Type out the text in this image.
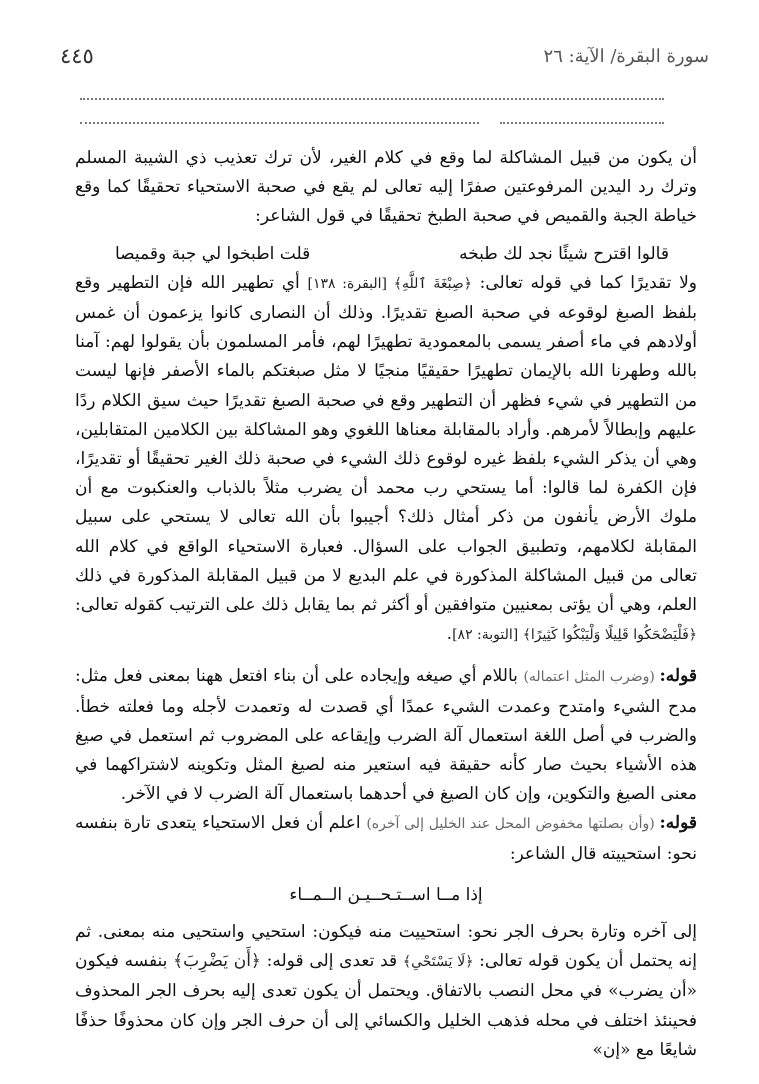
سورة البقرة/ الآية: ٢٦
٤٤٥

أن يكون من قبيل المشاكلة لما وقع في كلام الغير، لأن ترك تعذيب ذي الشيبة المسلم وترك رد اليدين المرفوعتين صفرًا إليه تعالى لم يقع في صحبة الاستحياء تحقيقًا كما وقع خياطة الجبة والقميص في صحبة الطبخ تحقيقًا في قول الشاعر:

قالوا اقترح شيئًا نجد لك طبخه
قلت اطبخوا لي جبة وقميصا

ولا تقديرًا كما في قوله تعالى: ﴿صِبْغَةَ ٱللَّهِ﴾ [البقرة: ١٣٨] أي تطهير الله فإن التطهير وقع بلفظ الصبغ لوقوعه في صحبة الصبغ تقديرًا. وذلك أن النصارى كانوا يزعمون أن غمس أولادهم في ماء أصفر يسمى بالمعمودية تطهيرًا لهم، فأمر المسلمون بأن يقولوا لهم: آمنا بالله وطهرنا الله بالإيمان تطهيرًا حقيقيًا منجيًا لا مثل صبغتكم بالماء الأصفر فإنها ليست من التطهير في شيء فظهر أن التطهير وقع في صحبة الصبغ تقديرًا حيث سيق الكلام ردًا عليهم وإبطالاً لأمرهم. وأراد بالمقابلة معناها اللغوي وهو المشاكلة بين الكلامين المتقابلين، وهي أن يذكر الشيء بلفظ غيره لوقوع ذلك الشيء في صحبة ذلك الغير تحقيقًا أو تقديرًا، فإن الكفرة لما قالوا: أما يستحي رب محمد أن يضرب مثلاً بالذباب والعنكبوت مع أن ملوك الأرض يأنفون من ذكر أمثال ذلك؟ أجيبوا بأن الله تعالى لا يستحي على سبيل المقابلة لكلامهم، وتطبيق الجواب على السؤال. فعبارة الاستحياء الواقع في كلام الله تعالى من قبيل المشاكلة المذكورة في علم البديع لا من قبيل المقابلة المذكورة في ذلك العلم، وهي أن يؤتى بمعنيين متوافقين أو أكثر ثم بما يقابل ذلك على الترتيب كقوله تعالى: ﴿فَلْيَضْحَكُوا قَلِيلًا وَلْيَبْكُوا كَثِيرًا﴾ [التوبة: ٨٢].

قوله: (وضرب المثل اعتماله) باللام أي صيغه وإيجاده على أن بناء افتعل ههنا بمعنى فعل مثل: مدح الشيء وامتدح وعمدت الشيء عمدًا أي قصدت له وتعمدت لأجله وما فعلته خطأ. والضرب في أصل اللغة استعمال آلة الضرب وإيقاعه على المضروب ثم استعمل في صيغ هذه الأشياء بحيث صار كأنه حقيقة فيه استعير منه لصيغ المثل وتكوينه لاشتراكهما في معنى الصيغ والتكوين، وإن كان الصيغ في أحدهما باستعمال آلة الضرب لا في الآخر.

قوله: (وأن بصلتها مخفوض المحل عند الخليل إلى آخره) اعلم أن فعل الاستحياء يتعدى تارة بنفسه نحو: استحييته قال الشاعر:

إذا مــا اســتـحــيـن الــمــاء

إلى آخره وتارة بحرف الجر نحو: استحييت منه فيكون: استحيي واستحيى منه بمعنى. ثم إنه يحتمل أن يكون قوله تعالى: ﴿لَا يَسْتَحْىِ﴾ قد تعدى إلى قوله: ﴿أَن يَضْرِبَ﴾ بنفسه فيكون «أن يضرب» في محل النصب بالاتفاق. ويحتمل أن يكون تعدى إليه بحرف الجر المحذوف فحينئذ اختلف في محله فذهب الخليل والكسائي إلى أن حرف الجر وإن كان محذوفًا حذفًا شايعًا مع «إن»
